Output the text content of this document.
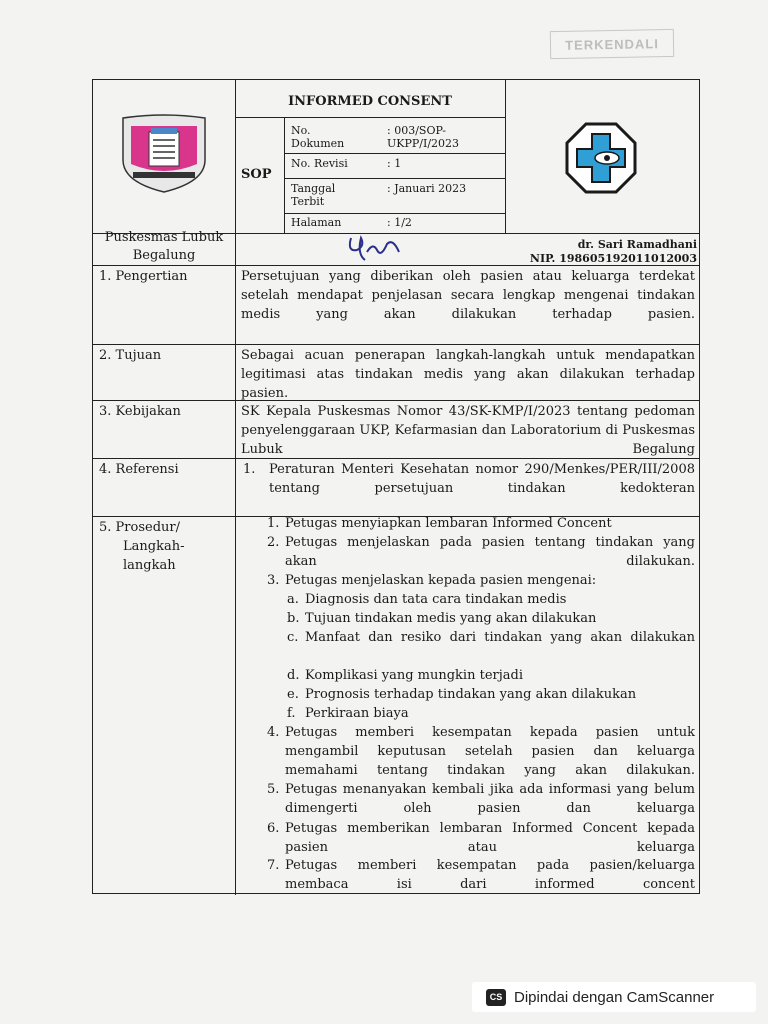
TERKENDALI
INFORMED CONSENT
SOP
No. Dokumen
: 003/SOP-UKPP/I/2023
No. Revisi	: 1
Tanggal Terbit
: Januari 2023
Halaman	: 1/2
Puskesmas Lubuk Begalung
dr. Sari Ramadhani
NIP. 198605192011012003
1. Pengertian
2. Tujuan
3. Kebijakan
4. Referensi
5. Prosedur/
Langkah-
langkah
Persetujuan yang diberikan oleh pasien atau keluarga terdekat setelah mendapat penjelasan secara lengkap mengenai tindakan medis yang akan dilakukan terhadap pasien.
Sebagai acuan penerapan langkah-langkah untuk mendapatkan legitimasi atas tindakan medis yang akan dilakukan terhadap pasien.
SK Kepala Puskesmas Nomor 43/SK-KMP/I/2023 tentang pedoman penyelenggaraan UKP, Kefarmasian dan Laboratorium di Puskesmas Lubuk Begalung
1. Peraturan Menteri Kesehatan nomor 290/Menkes/PER/III/2008 tentang persetujuan tindakan kedokteran
1. Petugas menyiapkan lembaran Informed Concent
2. Petugas menjelaskan pada pasien tentang tindakan yang akan dilakukan.
3. Petugas menjelaskan kepada pasien mengenai:
a. Diagnosis dan tata cara tindakan medis
b. Tujuan tindakan medis yang akan dilakukan
c. Manfaat dan resiko dari tindakan yang akan dilakukan
d. Komplikasi yang mungkin terjadi
e. Prognosis terhadap tindakan yang akan dilakukan
f. Perkiraan biaya
4. Petugas memberi kesempatan kepada pasien untuk mengambil keputusan setelah pasien dan keluarga memahami tentang tindakan yang akan dilakukan.
5. Petugas menanyakan kembali jika ada informasi yang belum dimengerti oleh pasien dan keluarga
6. Petugas memberikan lembaran Informed Concent kepada pasien atau keluarga
7. Petugas memberi kesempatan pada pasien/keluarga membaca isi dari informed concent
CS Dipindai dengan CamScanner
